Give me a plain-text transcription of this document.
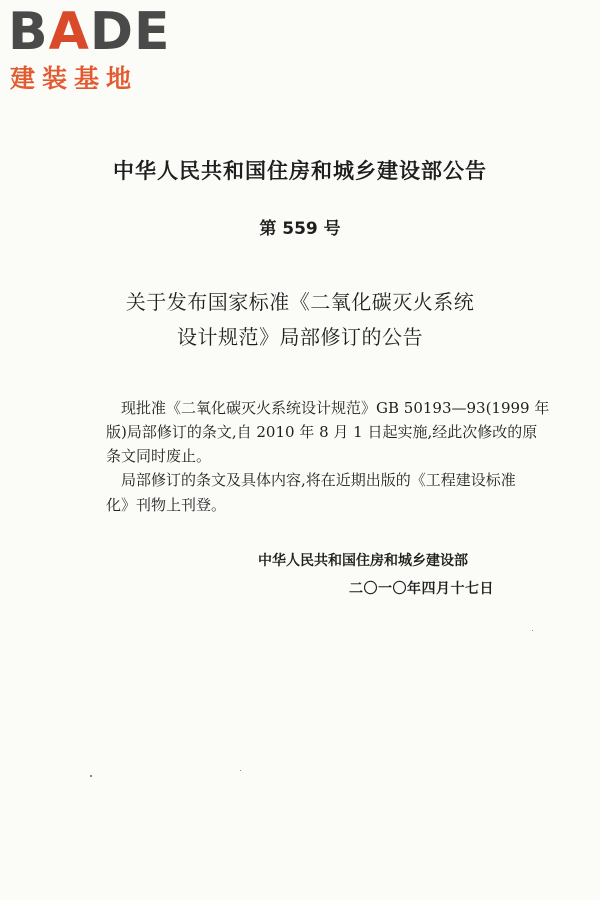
BADE
建装基地
中华人民共和国住房和城乡建设部公告
第 559 号
关于发布国家标准《二氧化碳灭火系统
设计规范》局部修订的公告
现批准《二氧化碳灭火系统设计规范》GB 50193—93(1999 年
版)局部修订的条文,自 2010 年 8 月 1 日起实施,经此次修改的原
条文同时废止。
局部修订的条文及具体内容,将在近期出版的《工程建设标准
化》刊物上刊登。
中华人民共和国住房和城乡建设部
二〇一〇年四月十七日
